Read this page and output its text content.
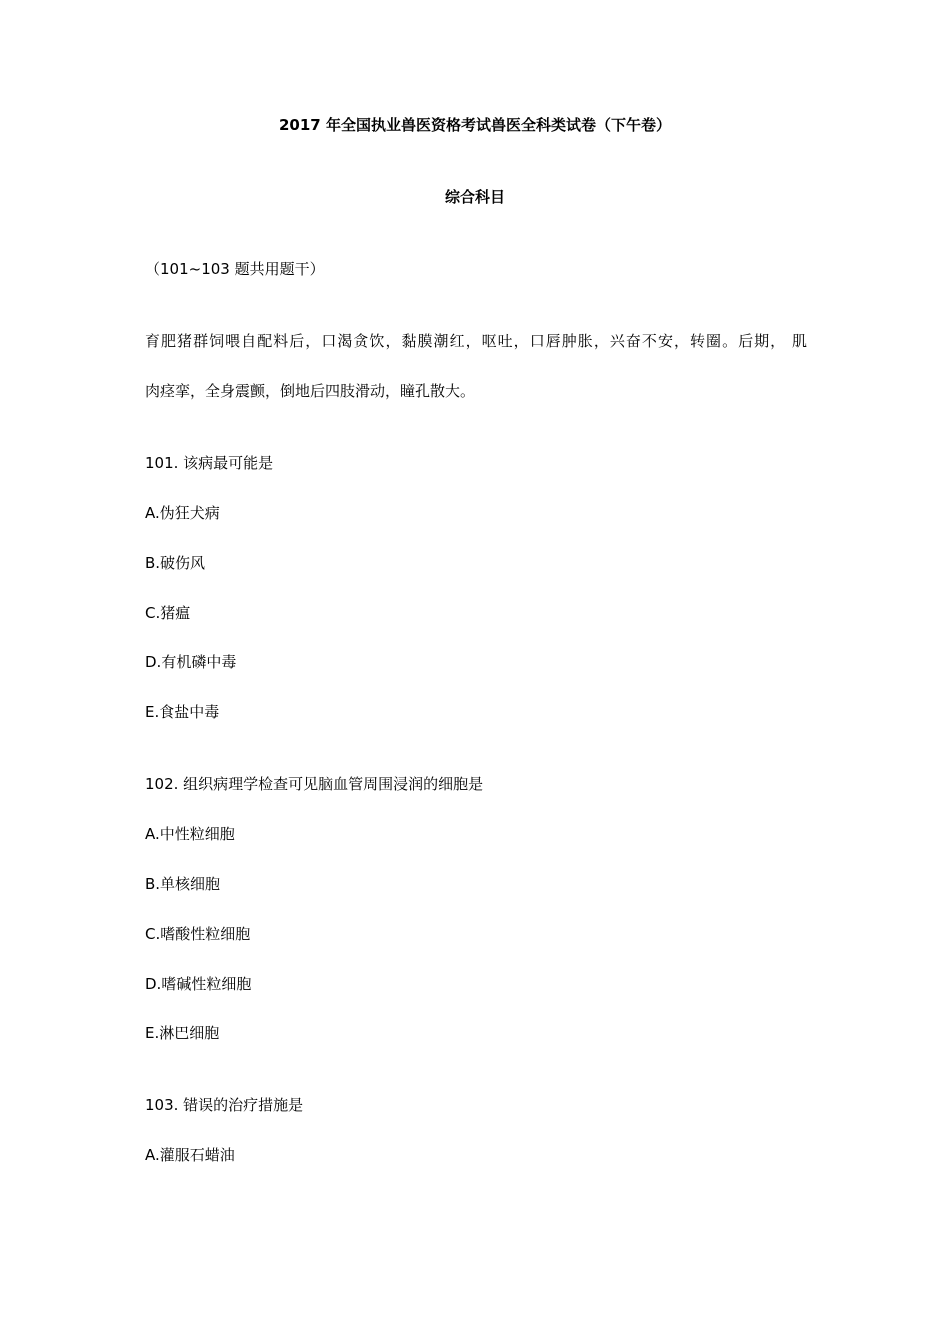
2017 年全国执业兽医资格考试兽医全科类试卷（下午卷）
综合科目
（101~103 题共用题干）
育肥猪群饲喂自配料后，口渴贪饮，黏膜潮红，呕吐，口唇肿胀，兴奋不安，转圈。后期， 肌
肉痉挛，全身震颤，倒地后四肢滑动，瞳孔散大。
101. 该病最可能是
A.伪狂犬病
B.破伤风
C.猪瘟
D.有机磷中毒
E.食盐中毒
102. 组织病理学检查可见脑血管周围浸润的细胞是
A.中性粒细胞
B.单核细胞
C.嗜酸性粒细胞
D.嗜碱性粒细胞
E.淋巴细胞
103. 错误的治疗措施是
A.灌服石蜡油
